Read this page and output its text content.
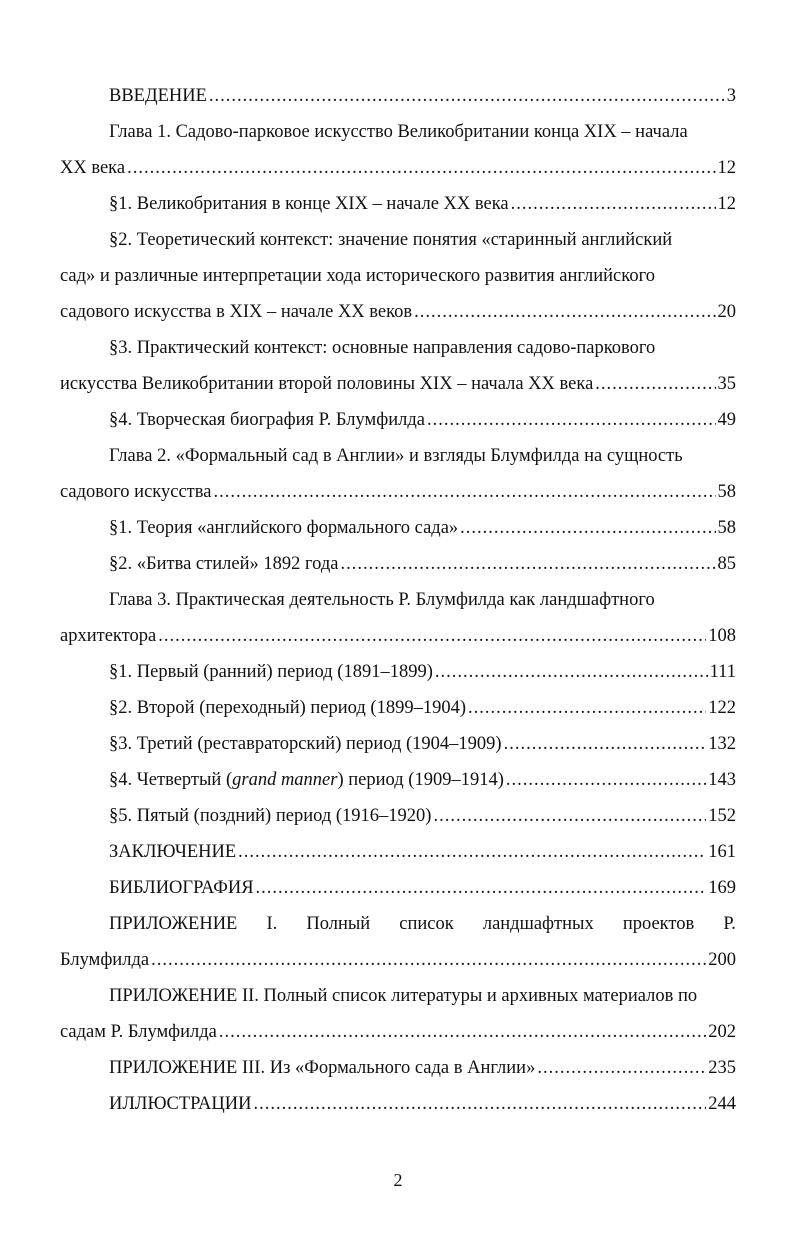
ВВЕДЕНИЕ .....	3
Глава 1. Садово-парковое искусство Великобритании конца XIX – начала
XX века .....	12
§1. Великобритания в конце XIX – начале XX века .....	12
§2. Теоретический контекст: значение понятия «старинный английский
сад» и различные интерпретации хода исторического развития английского
садового искусства в XIX – начале XX веков .....	20
§3. Практический контекст: основные направления садово-паркового
искусства Великобритании второй половины XIX – начала XX века .....	35
§4. Творческая биография Р. Блумфилда .....	49
Глава 2. «Формальный сад в Англии» и взгляды Блумфилда на сущность
садового искусства .....	58
§1. Теория «английского формального сада» .....	58
§2. «Битва стилей» 1892 года .....	85
Глава 3. Практическая деятельность Р. Блумфилда как ландшафтного
архитектора .....	108
§1. Первый (ранний) период (1891–1899) .....	111
§2. Второй (переходный) период (1899–1904) .....	122
§3. Третий (реставраторский) период (1904–1909) .....	132
§4. Четвертый (grand manner) период (1909–1914) .....	143
§5. Пятый (поздний) период (1916–1920) .....	152
ЗАКЛЮЧЕНИЕ .....	161
БИБЛИОГРАФИЯ .....	169
ПРИЛОЖЕНИЕ I. Полный список ландшафтных проектов Р.
Блумфилда .....	200
ПРИЛОЖЕНИЕ II. Полный список литературы и архивных материалов по
садам Р. Блумфилда .....	202
ПРИЛОЖЕНИЕ III. Из «Формального сада в Англии» .....	235
ИЛЛЮСТРАЦИИ .....	244
2
